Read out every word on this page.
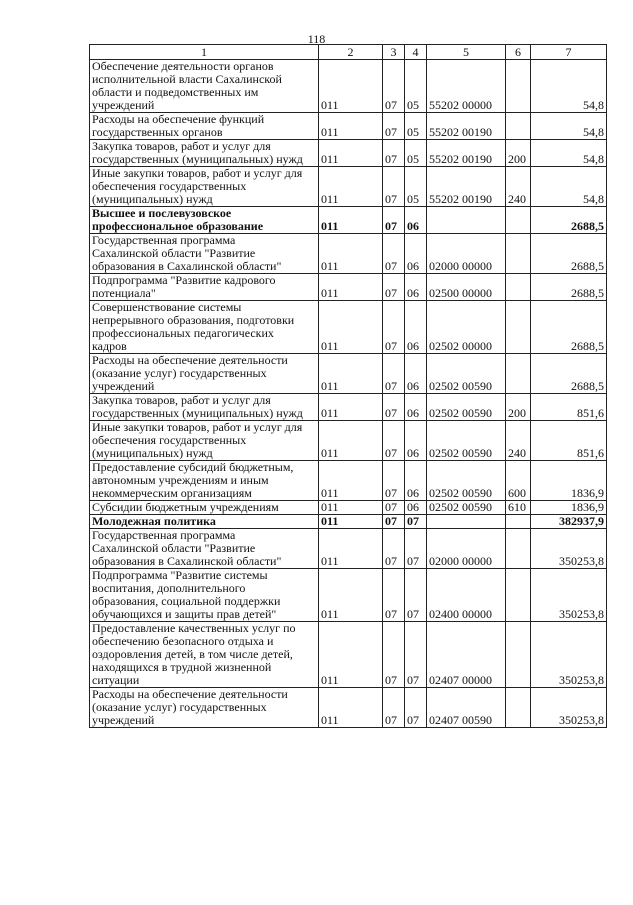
118
1	2	3	4	5	6	7
Обеспечение деятельности органов
исполнительной власти Сахалинской
области и подведомственных им
учреждений	011	07	05	55202 00000		54,8
Расходы на обеспечение функций
государственных органов	011	07	05	55202 00190		54,8
Закупка товаров, работ и услуг для
государственных (муниципальных) нужд	011	07	05	55202 00190	200	54,8
Иные закупки товаров, работ и услуг для
обеспечения государственных
(муниципальных) нужд	011	07	05	55202 00190	240	54,8
Высшее и послевузовское
профессиональное образование	011	07	06			2688,5
Государственная программа
Сахалинской области "Развитие
образования в Сахалинской области"	011	07	06	02000 00000		2688,5
Подпрограмма "Развитие кадрового
потенциала"	011	07	06	02500 00000		2688,5
Совершенствование системы
непрерывного образования, подготовки
профессиональных педагогических
кадров	011	07	06	02502 00000		2688,5
Расходы на обеспечение деятельности
(оказание услуг) государственных
учреждений	011	07	06	02502 00590		2688,5
Закупка товаров, работ и услуг для
государственных (муниципальных) нужд	011	07	06	02502 00590	200	851,6
Иные закупки товаров, работ и услуг для
обеспечения государственных
(муниципальных) нужд	011	07	06	02502 00590	240	851,6
Предоставление субсидий бюджетным,
автономным учреждениям и иным
некоммерческим организациям	011	07	06	02502 00590	600	1836,9
Субсидии бюджетным учреждениям	011	07	06	02502 00590	610	1836,9
Молодежная политика	011	07	07			382937,9
Государственная программа
Сахалинской области "Развитие
образования в Сахалинской области"	011	07	07	02000 00000		350253,8
Подпрограмма "Развитие системы
воспитания, дополнительного
образования, социальной поддержки
обучающихся и защиты прав детей"	011	07	07	02400 00000		350253,8
Предоставление качественных услуг по
обеспечению безопасного отдыха и
оздоровления детей, в том числе детей,
находящихся в трудной жизненной
ситуации	011	07	07	02407 00000		350253,8
Расходы на обеспечение деятельности
(оказание услуг) государственных
учреждений	011	07	07	02407 00590		350253,8
